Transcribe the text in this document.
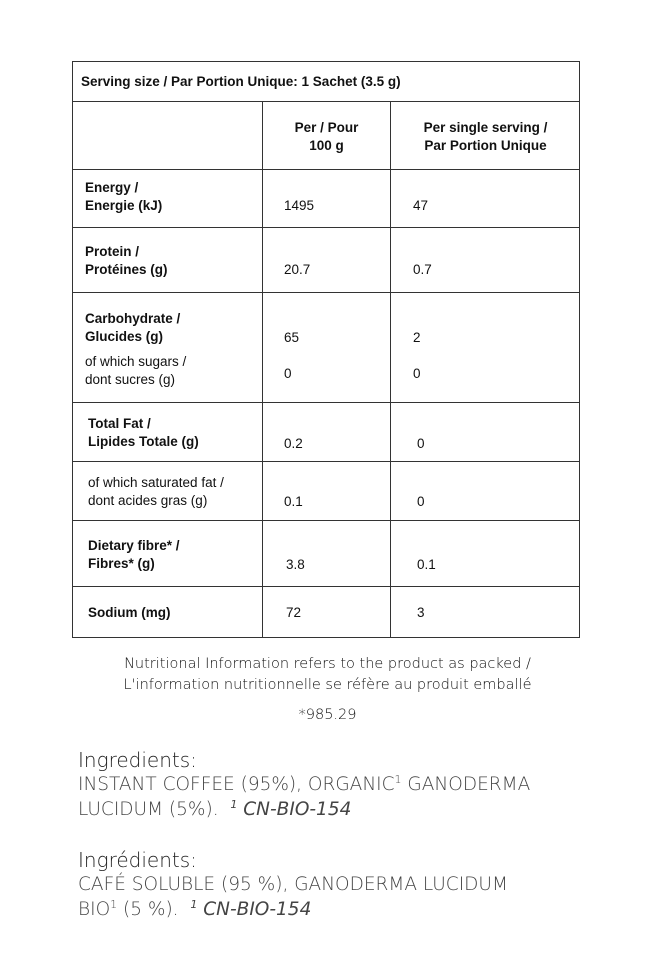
Serving size / Par Portion Unique: 1 Sachet (3.5 g)
Per / Pour
100 g
Per single serving /
Par Portion Unique
Energy /
Energie (kJ)	1495	47
Protein /
Protéines (g)	20.7	0.7
Carbohydrate /
Glucides (g)	65	2
of which sugars /
dont sucres (g)	0	0
Total Fat /
Lipides Totale (g)	0.2	0
of which saturated fat /
dont acides gras (g)	0.1	0
Dietary fibre* /
Fibres* (g)	3.8	0.1
Sodium (mg)	72	3
Nutritional Information refers to the product as packed /
L'information nutritionnelle se réfère au produit emballé
*985.29
Ingredients:
INSTANT COFFEE (95%), ORGANIC$^1$ GANODERMA
LUCIDUM (5%). $^1$ CN-BIO-154
Ingrédients:
CAFÉ SOLUBLE (95 %), GANODERMA LUCIDUM
BIO$^1$ (5 %). $^1$ CN-BIO-154
